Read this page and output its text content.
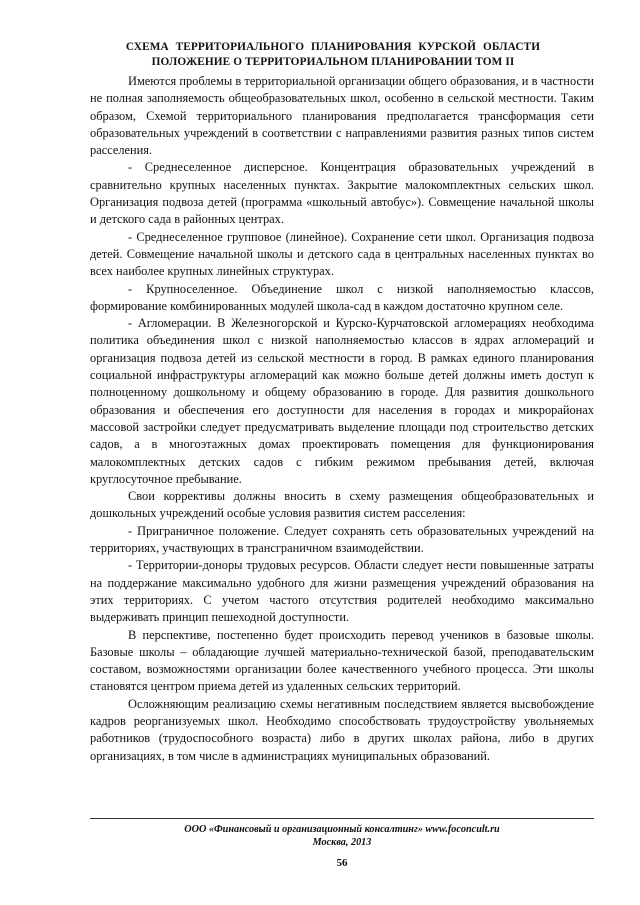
СХЕМА ТЕРРИТОРИАЛЬНОГО ПЛАНИРОВАНИЯ КУРСКОЙ ОБЛАСТИ
ПОЛОЖЕНИЕ О ТЕРРИТОРИАЛЬНОМ ПЛАНИРОВАНИИ ТОМ II

Имеются проблемы в территориальной организации общего образования, и в частности не полная заполняемость общеобразовательных школ, особенно в сельской местности. Таким образом, Схемой территориального планирования предполагается трансформация сети образовательных учреждений в соответствии с направлениями развития разных типов систем расселения.

- Среднеселенное дисперсное. Концентрация образовательных учреждений в сравнительно крупных населенных пунктах. Закрытие малокомплектных сельских школ. Организация подвоза детей (программа «школьный автобус»). Совмещение начальной школы и детского сада в районных центрах.

- Среднеселенное групповое (линейное). Сохранение сети школ. Организация подвоза детей. Совмещение начальной школы и детского сада в центральных населенных пунктах во всех наиболее крупных линейных структурах.

- Крупноселенное. Объединение школ с низкой наполняемостью классов, формирование комбинированных модулей школа-сад в каждом достаточно крупном селе.

- Агломерации. В Железногорской и Курско-Курчатовской агломерациях необходима политика объединения школ с низкой наполняемостью классов в ядрах агломераций и организация подвоза детей из сельской местности в город. В рамках единого планирования социальной инфраструктуры агломераций как можно больше детей должны иметь доступ к полноценному дошкольному и общему образованию в городе. Для развития дошкольного образования и обеспечения его доступности для населения в городах и микрорайонах массовой застройки следует предусматривать выделение площади под строительство детских садов, а в многоэтажных домах проектировать помещения для функционирования малокомплектных детских садов с гибким режимом пребывания детей, включая круглосуточное пребывание.

Свои коррективы должны вносить в схему размещения общеобразовательных и дошкольных учреждений особые условия развития систем расселения:

- Приграничное положение. Следует сохранять сеть образовательных учреждений на территориях, участвующих в трансграничном взаимодействии.

- Территории-доноры трудовых ресурсов. Области следует нести повышенные затраты на поддержание максимально удобного для жизни размещения учреждений образования на этих территориях. С учетом частого отсутствия родителей необходимо максимально выдерживать принцип пешеходной доступности.

В перспективе, постепенно будет происходить перевод учеников в базовые школы. Базовые школы – обладающие лучшей материально-технической базой, преподавательским составом, возможностями организации более качественного учебного процесса. Эти школы становятся центром приема детей из удаленных сельских территорий.

Осложняющим реализацию схемы негативным последствием является высвобождение кадров реорганизуемых школ. Необходимо способствовать трудоустройству увольняемых работников (трудоспособного возраста) либо в других школах района, либо в других организациях, в том числе в администрациях муниципальных образований.

ООО «Финансовый и организационный консалтинг» www.foconcult.ru
Москва, 2013
56
